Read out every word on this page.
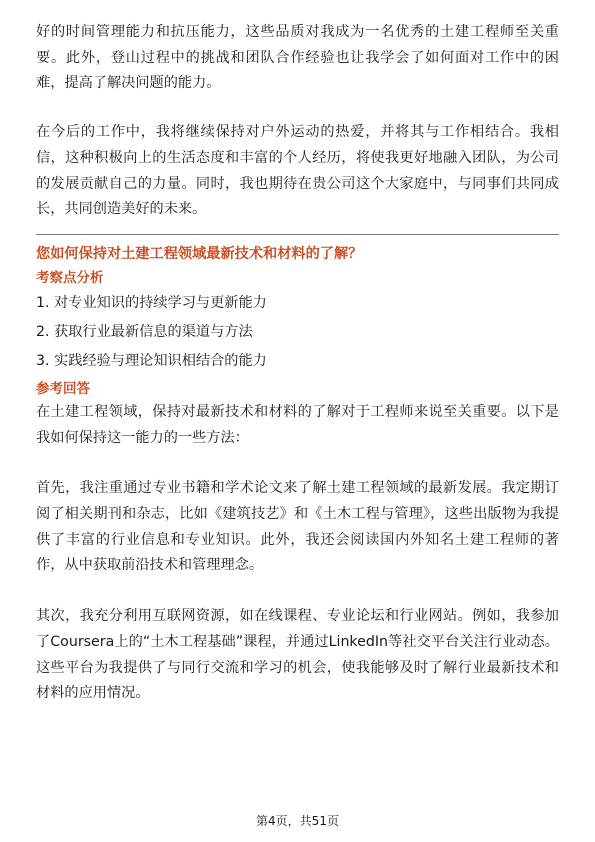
好的时间管理能力和抗压能力，这些品质对我成为一名优秀的土建工程师至关重要。此外，登山过程中的挑战和团队合作经验也让我学会了如何面对工作中的困难，提高了解决问题的能力。

在今后的工作中，我将继续保持对户外运动的热爱，并将其与工作相结合。我相信，这种积极向上的生活态度和丰富的个人经历，将使我更好地融入团队，为公司的发展贡献自己的力量。同时，我也期待在贵公司这个大家庭中，与同事们共同成长，共同创造美好的未来。

您如何保持对土建工程领域最新技术和材料的了解？

考察点分析

1. 对专业知识的持续学习与更新能力
2. 获取行业最新信息的渠道与方法
3. 实践经验与理论知识相结合的能力

参考回答

在土建工程领域，保持对最新技术和材料的了解对于工程师来说至关重要。以下是我如何保持这一能力的一些方法：

首先，我注重通过专业书籍和学术论文来了解土建工程领域的最新发展。我定期订阅了相关期刊和杂志，比如《建筑技艺》和《土木工程与管理》，这些出版物为我提供了丰富的行业信息和专业知识。此外，我还会阅读国内外知名土建工程师的著作，从中获取前沿技术和管理理念。

其次，我充分利用互联网资源，如在线课程、专业论坛和行业网站。例如，我参加了Coursera上的“土木工程基础”课程，并通过LinkedIn等社交平台关注行业动态。这些平台为我提供了与同行交流和学习的机会，使我能够及时了解行业最新技术和材料的应用情况。

第4页，共51页
